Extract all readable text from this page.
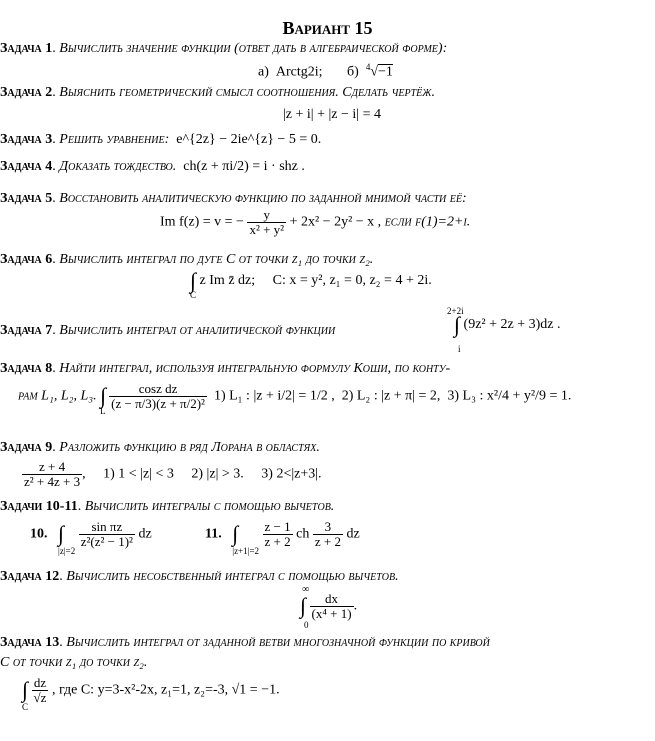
Вариант 15
Задача 1. Вычислить значение функции (ответ дать в алгебраической форме):
а) Arctg2i; б) $^4$√−1
Задача 2. Выяснить геометрический смысл соотношения. Сделать чертёж.
|z + i| + |z − i| = 4
Задача 3. Решить уравнение: e^{2z} − 2ie^{z} − 5 = 0.
Задача 4. Доказать тождество. ch(z + πi/2) = i · shz .
Задача 5. Восстановить аналитическую функцию по заданной мнимой части её:
Im f(z) = v = − $\frac{y}{\text{x² + y²}} + 2x^2 - 2y^2 - x$ , если f(1)=2+i.
Задача 6. Вычислить интеграл по дуге C от точки z₁ до точки z₂.
$\int_C$ z Im z̄ dz; C: x = y², z₁ = 0, z₂ = 4 + 2i.
Задача 7. Вычислить интеграл от аналитической функции
2+2i
∫ (9z² + 2z + 3)dz .
i
Задача 8. Найти интеграл, используя интегральную формулу Коши, по конту-
рам L₁, L₂, L₃. $\int_L \frac{\text{cosz dz}}{\text{(z − π/3)(z + π/2)²}} 1$) L₁ : |z + i/2| = 1/2 , 2) L₂ : |z + π| = 2, 3) L₃ : x²/4 + y²/9 = 1.
Задача 9. Разложить функцию в ряд Лорана в областях.
$\frac{z + 4}{\text{z² + 4z + 3}}$ ,     1) 1 < |z| < 3 2) |z| > 3. 3) 2<|z+3|.
Задачи 10-11. Вычислить интегралы с помощью вычетов.
10. $\int_{|z|=2}$
$\frac{\text{sin πz}}{\text{z²(z² − 1)²}}$ dz	11. $\int_{|z+1|=2}$
$\frac{z - 1}{z + 2}$ ch $\frac{3}{z + 2}$ dz
Задача 12. Вычислить несобственный интеграл с помощью вычетов.
∞
∫ $\frac{dx}{\text{(x⁴ + 1)}}$ .
0
Задача 13. Вычислить интеграл от заданной ветви многозначной функции по кривой
C от точки z₁ до точки z₂.
$\int_C$
$\frac{dz}{√z}$ , где C: y=3-x²-2x, z₁=1, z₂=-3, √1 = −1.
